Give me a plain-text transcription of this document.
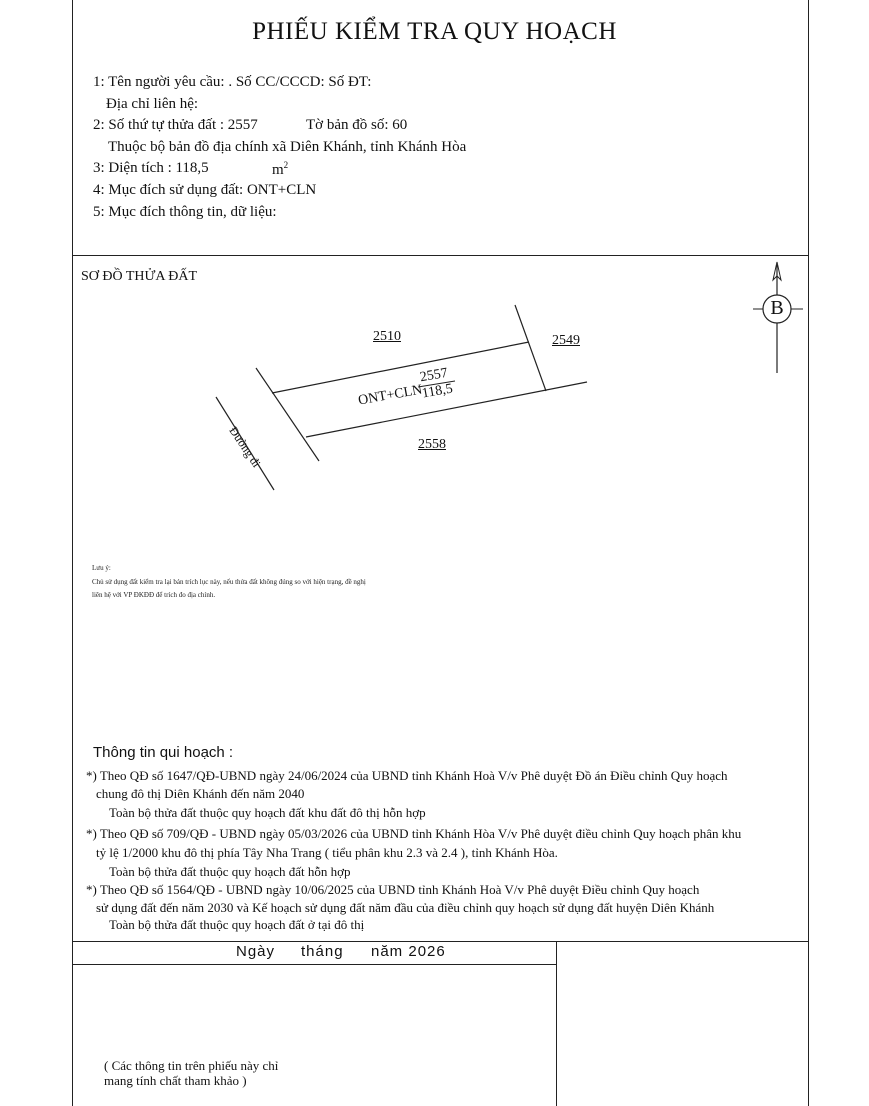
PHIẾU KIỂM TRA QUY HOẠCH
1: Tên người yêu cầu: . Số CC/CCCD: Số ĐT:
Địa chỉ liên hệ:
2: Số thứ tự thửa đất : 2557	Tờ bản đồ số: 60
Thuộc bộ bản đồ địa chính xã Diên Khánh, tỉnh Khánh Hòa
3: Diện tích : 118,5	$m^2$
4: Mục đích sử dụng đất: ONT+CLN
5: Mục đích thông tin, dữ liệu:
SƠ ĐỒ THỬA ĐẤT
B
2510	2549
2557
ONT+CLN
118,5
2558
Đường đi
Lưu ý:
Chủ sử dụng đất kiểm tra lại bản trích lục này, nếu thửa đất không đúng so với hiện trạng, đề nghị
liên hệ với VP ĐKĐĐ để trích đo địa chính.
Thông tin qui hoạch :
*) Theo QĐ số 1647/QĐ-UBND ngày 24/06/2024 của UBND tỉnh Khánh Hoà V/v Phê duyệt Đồ án Điều chỉnh Quy hoạch
chung đô thị Diên Khánh đến năm 2040
Toàn bộ thửa đất thuộc quy hoạch đất khu đất đô thị hỗn hợp
*) Theo QĐ số 709/QĐ - UBND ngày 05/03/2026 của UBND tỉnh Khánh Hòa V/v Phê duyệt điều chỉnh Quy hoạch phân khu
tỷ lệ 1/2000 khu đô thị phía Tây Nha Trang ( tiểu phân khu 2.3 và 2.4 ), tỉnh Khánh Hòa.
Toàn bộ thửa đất thuộc quy hoạch đất hỗn hợp
*) Theo QĐ số 1564/QĐ - UBND ngày 10/06/2025 của UBND tỉnh Khánh Hoà V/v Phê duyệt Điều chỉnh Quy hoạch
sử dụng đất đến năm 2030 và Kế hoạch sử dụng đất năm đầu của điều chỉnh quy hoạch sử dụng đất huyện Diên Khánh
Toàn bộ thửa đất thuộc quy hoạch đất ở tại đô thị
Ngày tháng năm 2026
( Các thông tin trên phiếu này chỉ
mang tính chất tham khảo )
